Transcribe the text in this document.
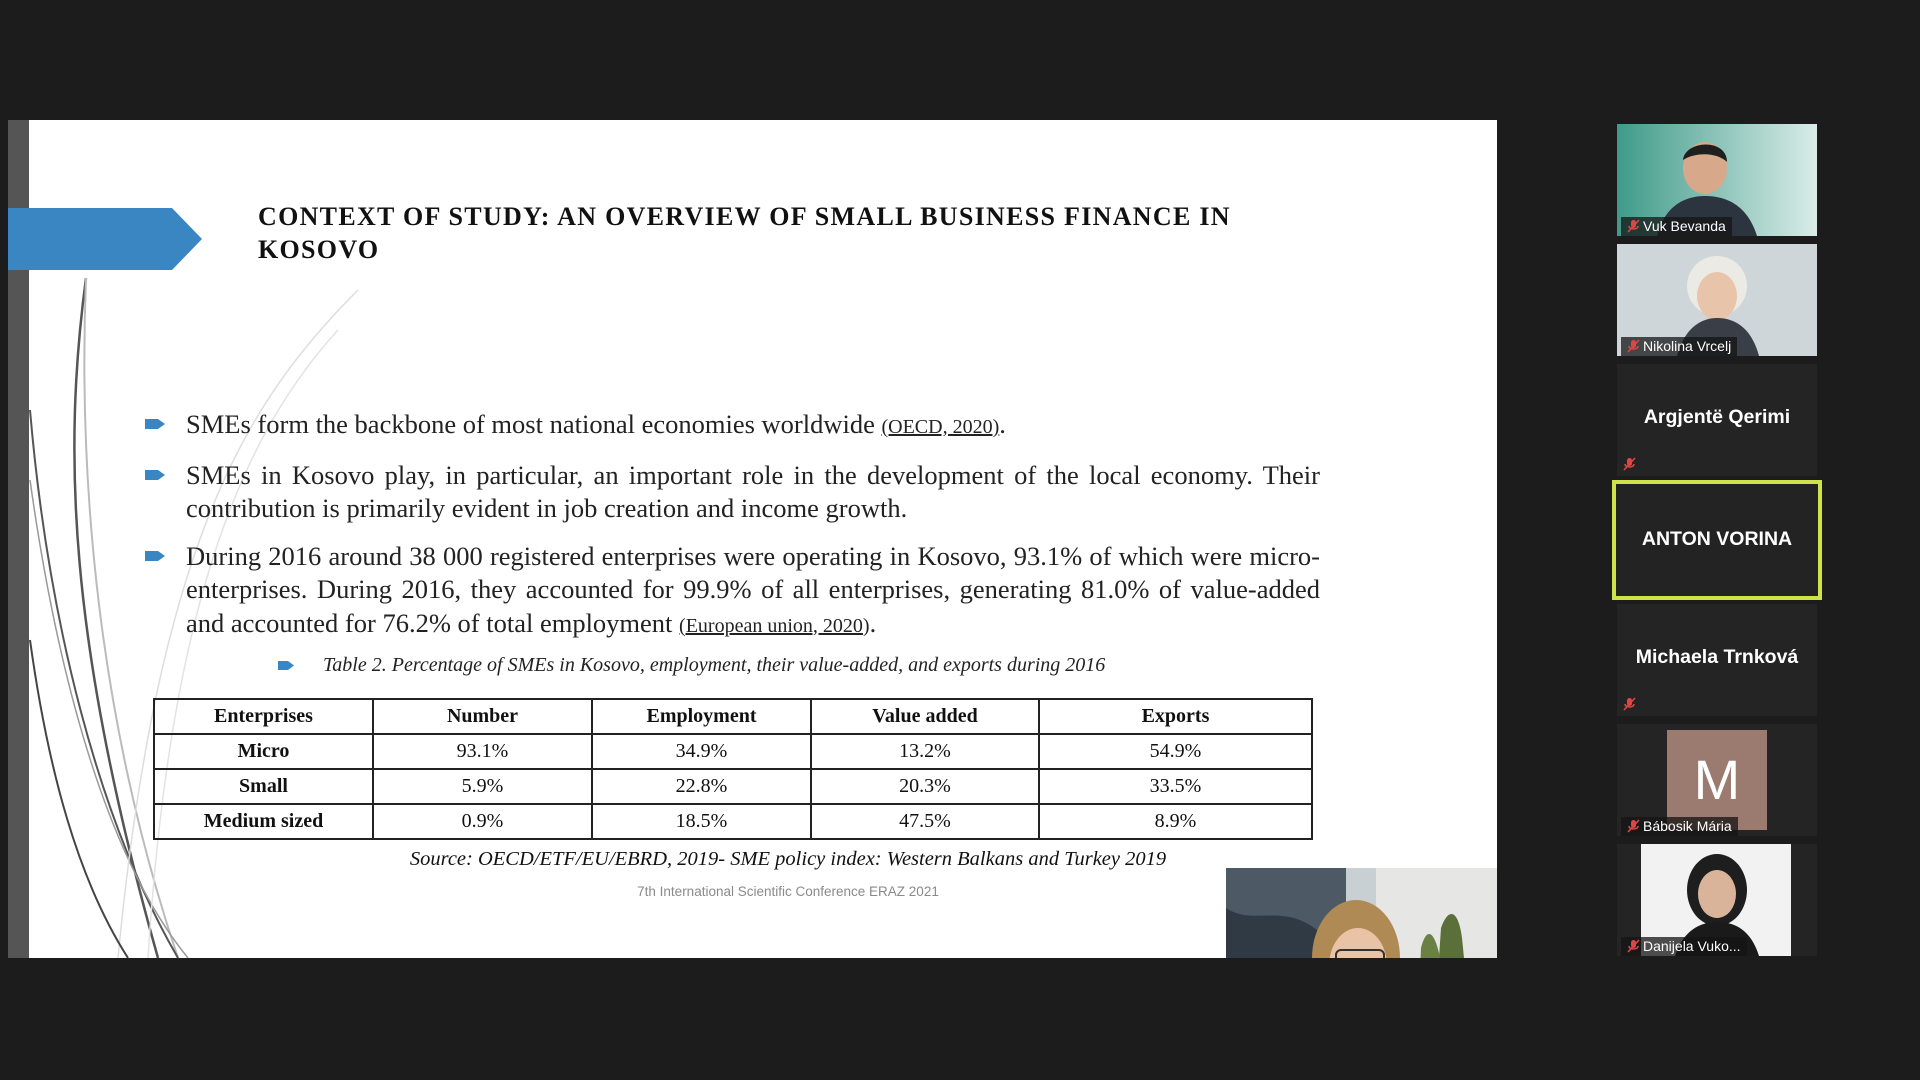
CONTEXT OF STUDY: AN OVERVIEW OF SMALL BUSINESS FINANCE IN KOSOVO
SMEs form the backbone of most national economies worldwide (OECD, 2020).
SMEs in Kosovo play, in particular, an important role in the development of the local economy. Their contribution is primarily evident in job creation and income growth.
During 2016 around 38 000 registered enterprises were operating in Kosovo, 93.1% of which were micro-enterprises. During 2016, they accounted for 99.9% of all enterprises, generating 81.0% of value-added and accounted for 76.2% of total employment (European union, 2020).
Table 2. Percentage of SMEs in Kosovo, employment, their value-added, and exports during 2016
Enterprises	Number	Employment	Value added	Exports
Micro	93.1%	34.9%	13.2%	54.9%
Small	5.9%	22.8%	20.3%	33.5%
Medium sized	0.9%	18.5%	47.5%	8.9%
Source: OECD/ETF/EU/EBRD, 2019- SME policy index: Western Balkans and Turkey 2019
7th International Scientific Conference ERAZ 2021
Vuk Bevanda
Nikolina Vrcelj
Argjentë Qerimi
ANTON VORINA
Michaela Trnková
M
Bábosik Mária
Danijela Vuko...
